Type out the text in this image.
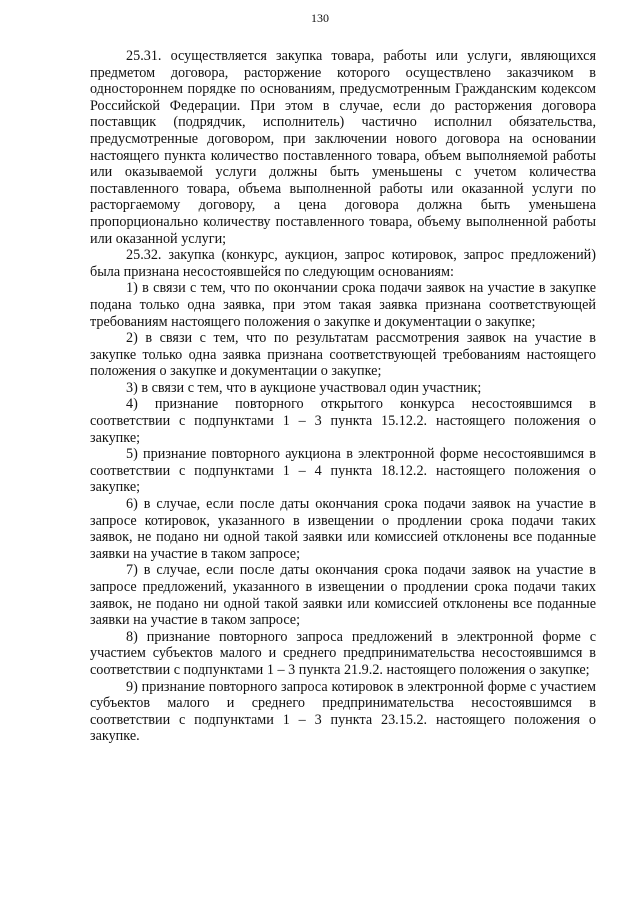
130

25.31. осуществляется закупка товара, работы или услуги, являющихся предметом договора, расторжение которого осуществлено заказчиком в одностороннем порядке по основаниям, предусмотренным Гражданским кодексом Российской Федерации. При этом в случае, если до расторжения договора поставщик (подрядчик, исполнитель) частично исполнил обязательства, предусмотренные договором, при заключении нового договора на основании настоящего пункта количество поставленного товара, объем выполняемой работы или оказываемой услуги должны быть уменьшены с учетом количества поставленного товара, объема выполненной работы или оказанной услуги по расторгаемому договору, а цена договора должна быть уменьшена пропорционально количеству поставленного товара, объему выполненной работы или оказанной услуги;

25.32. закупка (конкурс, аукцион, запрос котировок, запрос предложений) была признана несостоявшейся по следующим основаниям:

1) в связи с тем, что по окончании срока подачи заявок на участие в закупке подана только одна заявка, при этом такая заявка признана соответствующей требованиям настоящего положения о закупке и документации о закупке;

2) в связи с тем, что по результатам рассмотрения заявок на участие в закупке только одна заявка признана соответствующей требованиям настоящего положения о закупке и документации о закупке;

3) в связи с тем, что в аукционе участвовал один участник;

4) признание повторного открытого конкурса несостоявшимся в соответствии с подпунктами 1 – 3 пункта 15.12.2. настоящего положения о закупке;

5) признание повторного аукциона в электронной форме несостоявшимся в соответствии с подпунктами 1 – 4 пункта 18.12.2. настоящего положения о закупке;

6) в случае, если после даты окончания срока подачи заявок на участие в запросе котировок, указанного в извещении о продлении срока подачи таких заявок, не подано ни одной такой заявки или комиссией отклонены все поданные заявки на участие в таком запросе;

7) в случае, если после даты окончания срока подачи заявок на участие в запросе предложений, указанного в извещении о продлении срока подачи таких заявок, не подано ни одной такой заявки или комиссией отклонены все поданные заявки на участие в таком запросе;

8) признание повторного запроса предложений в электронной форме с участием субъектов малого и среднего предпринимательства несостоявшимся в соответствии с подпунктами 1 – 3 пункта 21.9.2. настоящего положения о закупке;

9) признание повторного запроса котировок в электронной форме с участием субъектов малого и среднего предпринимательства несостоявшимся в соответствии с подпунктами 1 – 3 пункта 23.15.2. настоящего положения о закупке.
